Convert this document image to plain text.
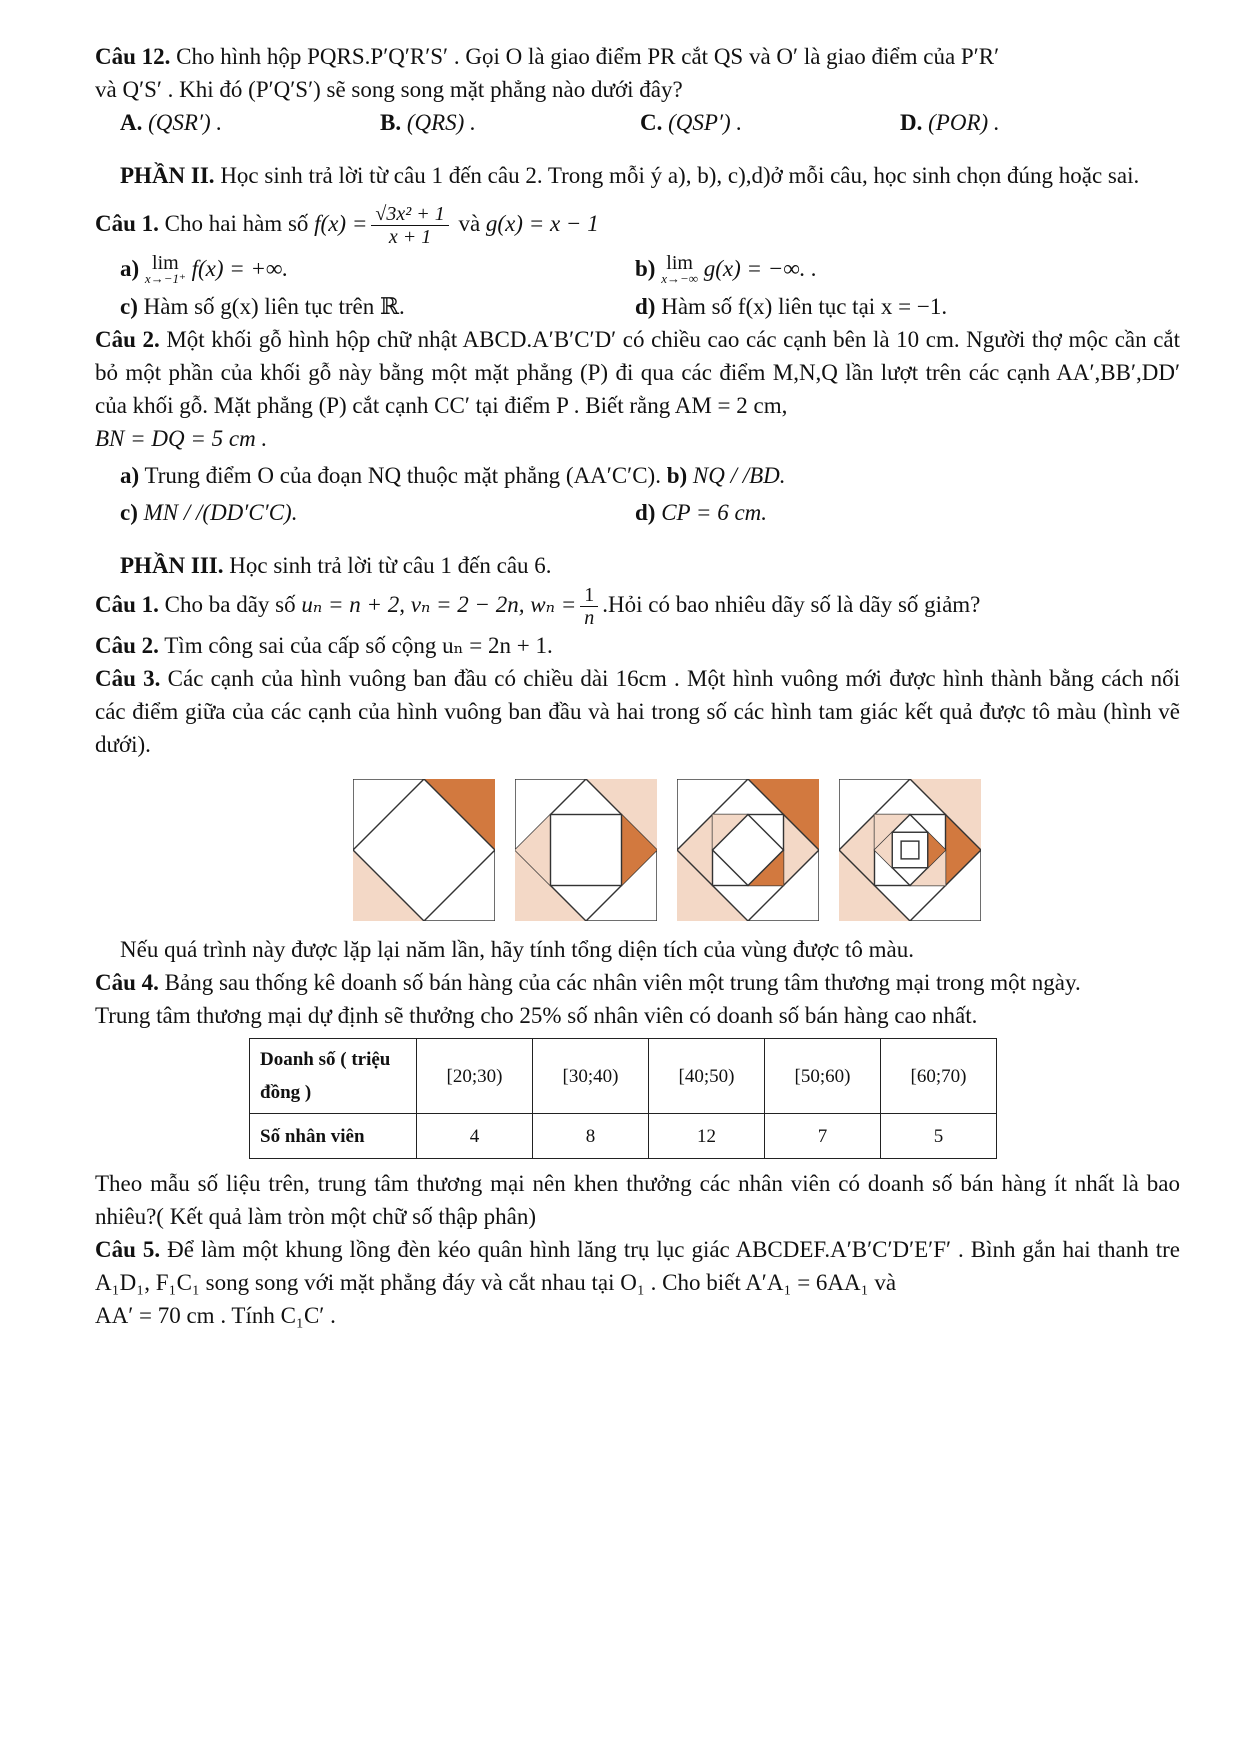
Câu 12. Cho hình hộp PQRS.P′Q′R′S′ . Gọi O là giao điểm PR cắt QS và O′ là giao điểm của P′R′
và Q′S′ . Khi đó (P′Q′S′) sẽ song song mặt phẳng nào dưới đây?
A. (QSR′) .	B. (QRS) .	C. (QSP′) .	D. (POR) .
PHẦN II. Học sinh trả lời từ câu 1 đến câu 2. Trong mỗi ý a), b), c),d)ở mỗi câu, học sinh chọn đúng hoặc sai.
Câu 1. Cho hai hàm số $f(x) = \frac{\text{√3x² + 1}}{x + 1}$ và g(x) = x − 1
a) lim
x→−1⁺ f(x) = +∞.	b) lim
x→−∞ g(x) = −∞. .
c) Hàm số g(x) liên tục trên ℝ.	d) Hàm số f(x) liên tục tại x = −1.
Câu 2. Một khối gỗ hình hộp chữ nhật ABCD.A′B′C′D′ có chiều cao các cạnh bên là 10 cm. Người thợ mộc cần cắt bỏ một phần của khối gỗ này bằng một mặt phẳng (P) đi qua các điểm M,N,Q lần lượt trên các cạnh AA′,BB′,DD′ của khối gỗ. Mặt phẳng (P) cắt cạnh CC′ tại điểm P . Biết rằng AM = 2 cm,
BN = DQ = 5 cm .
a) Trung điểm O của đoạn NQ thuộc mặt phẳng (AA′C′C). b) NQ / /BD.
c) MN / /(DD′C′C).	d) CP = 6 cm.
PHẦN III. Học sinh trả lời từ câu 1 đến câu 6.
Câu 1. Cho ba dãy số uₙ = n + 2, vₙ = 2 − 2n, $w_n = \frac{1}{n}$ .Hỏi có bao nhiêu dãy số là dãy số giảm?
Câu 2. Tìm công sai của cấp số cộng uₙ = 2n + 1.
Câu 3. Các cạnh của hình vuông ban đầu có chiều dài 16cm . Một hình vuông mới được hình thành bằng cách nối các điểm giữa của các cạnh của hình vuông ban đầu và hai trong số các hình tam giác kết quả được tô màu (hình vẽ dưới).
Nếu quá trình này được lặp lại năm lần, hãy tính tổng diện tích của vùng được tô màu.
Câu 4. Bảng sau thống kê doanh số bán hàng của các nhân viên một trung tâm thương mại trong một ngày.
Trung tâm thương mại dự định sẽ thưởng cho 25% số nhân viên có doanh số bán hàng cao nhất.
Doanh số ( triệu đồng )	[20;30)	[30;40)	[40;50)	[50;60)	[60;70)
Số nhân viên	4	8	12	7	5
Theo mẫu số liệu trên, trung tâm thương mại nên khen thưởng các nhân viên có doanh số bán hàng ít nhất là bao nhiêu?( Kết quả làm tròn một chữ số thập phân)
Câu 5. Để làm một khung lồng đèn kéo quân hình lăng trụ lục giác ABCDEF.A′B′C′D′E′F′ . Bình gắn hai thanh tre A₁D₁, F₁C₁ song song với mặt phẳng đáy và cắt nhau tại O₁ . Cho biết A′A₁ = 6AA₁ và
AA′ = 70 cm . Tính C₁C′ .
